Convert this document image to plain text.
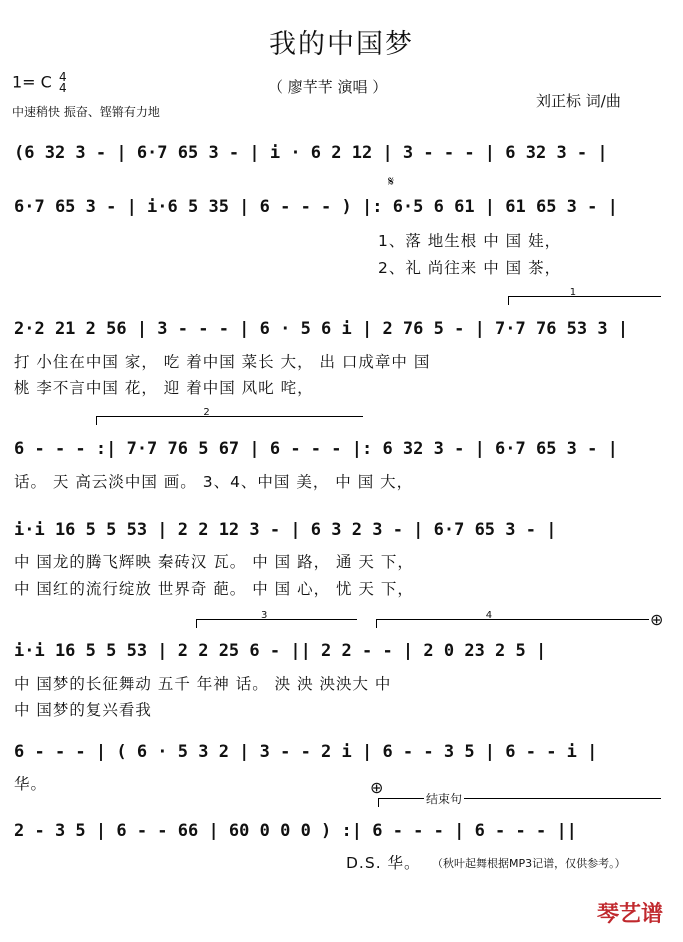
我的中国梦
1= C 4
4	（ 廖芊芊 演唱 ）
中速稍快 振奋、铿锵有力地
刘正标 词/曲
(6 32 3 - | 6·7 65 3 - | i · 6 2 12 | 3 - - - | 6 32 3 - |
𝄋
6·7 65 3 - | i·6 5 35 | 6 - - - ) |: 6·5 6 61 | 61 65 3 - |
1、落 地生根 中 国 娃，
2、礼 尚往来 中 国 茶，
1
2·2 21 2 56 | 3 - - - | 6 · 5 6 i | 2 76 5 - | 7·7 76 53 3 |
打 小住在中国 家， 吃 着中国 菜长 大， 出 口成章中 国
桃 李不言中国 花， 迎 着中国 风叱 咤，
2
6 - - - :| 7·7 76 5 67 | 6 - - - |: 6 32 3 - | 6·7 65 3 - |
话。 天 高云淡中国 画。 3、4、中国 美， 中 国 大，
i·i 16 5 5 53 | 2 2 12 3 - | 6 3 2 3 - | 6·7 65 3 - |
中 国龙的腾飞辉映 秦砖汉 瓦。 中 国 路， 通 天 下，
中 国红的流行绽放 世界奇 葩。 中 国 心， 忧 天 下，
3	4	⊕
i·i 16 5 5 53 | 2 2 25 6 - || 2 2 - - | 2 0 23 2 5 |
中 国梦的长征舞动 五千 年神 话。 泱 泱 泱泱大 中
中 国梦的复兴看我
6 - - - | ( 6 · 5 3 2 | 3 - - 2 i | 6 - - 3 5 | 6 - - i |
华。	⊕
结束句
2 - 3 5 | 6 - - 66 | 60 0 0 0 ) :| 6 - - - | 6 - - - ||
D.S. 华。 （秋叶起舞根据MP3记谱，仅供参考。）
琴艺谱
